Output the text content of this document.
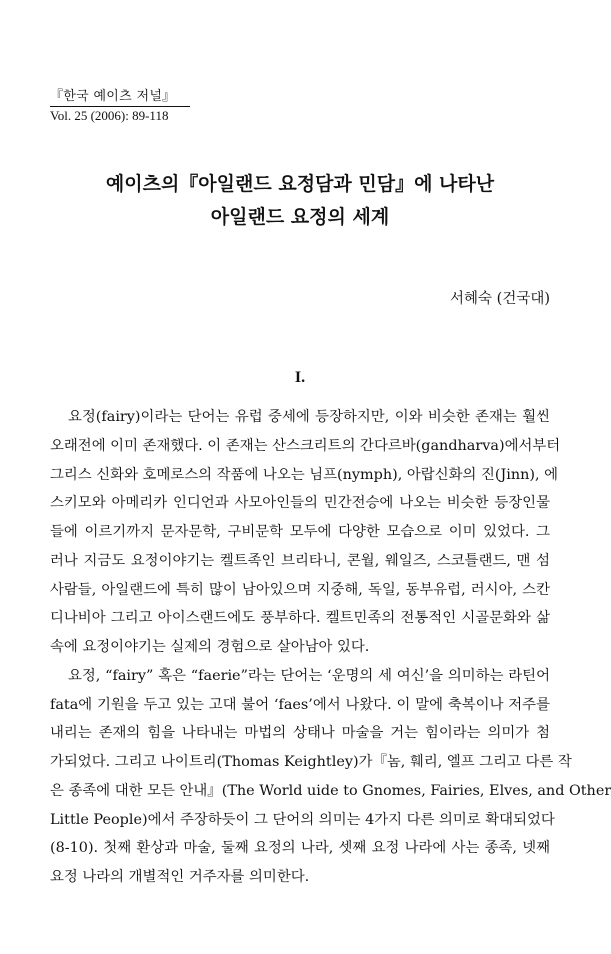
『한국 예이츠 저널』
Vol. 25 (2006): 89-118
예이츠의『아일랜드 요정담과 민담』에 나타난
아일랜드 요정의 세계
서혜숙 (건국대)
I.
요정(fairy)이라는 단어는 유럽 중세에 등장하지만, 이와 비슷한 존재는 훨씬
오래전에 이미 존재했다. 이 존재는 산스크리트의 간다르바(gandharva)에서부터
그리스 신화와 호메로스의 작품에 나오는 님프(nymph), 아랍신화의 진(Jinn), 에
스키모와 아메리카 인디언과 사모아인들의 민간전승에 나오는 비슷한 등장인물
들에 이르기까지 문자문학, 구비문학 모두에 다양한 모습으로 이미 있었다. 그
러나 지금도 요정이야기는 켈트족인 브리타니, 콘월, 웨일즈, 스코틀랜드, 맨 섬
사람들, 아일랜드에 특히 많이 남아있으며 지중해, 독일, 동부유럽, 러시아, 스칸
디나비아 그리고 아이스랜드에도 풍부하다. 켈트민족의 전통적인 시골문화와 삶
속에 요정이야기는 실제의 경험으로 살아남아 있다.
요정, “fairy” 혹은 “faerie”라는 단어는 ‘운명의 세 여신’을 의미하는 라틴어
fata에 기원을 두고 있는 고대 불어 ‘faes’에서 나왔다. 이 말에 축복이나 저주를
내리는 존재의 힘을 나타내는 마법의 상태나 마술을 거는 힘이라는 의미가 첨
가되었다. 그리고 나이트리(Thomas Keightley)가『놈, 훼리, 엘프 그리고 다른 작
은 종족에 대한 모든 안내』(The World uide to Gnomes, Fairies, Elves, and Other
Little People)에서 주장하듯이 그 단어의 의미는 4가지 다른 의미로 확대되었다
(8-10). 첫째 환상과 마술, 둘째 요정의 나라, 셋째 요정 나라에 사는 종족, 넷째
요정 나라의 개별적인 거주자를 의미한다.
